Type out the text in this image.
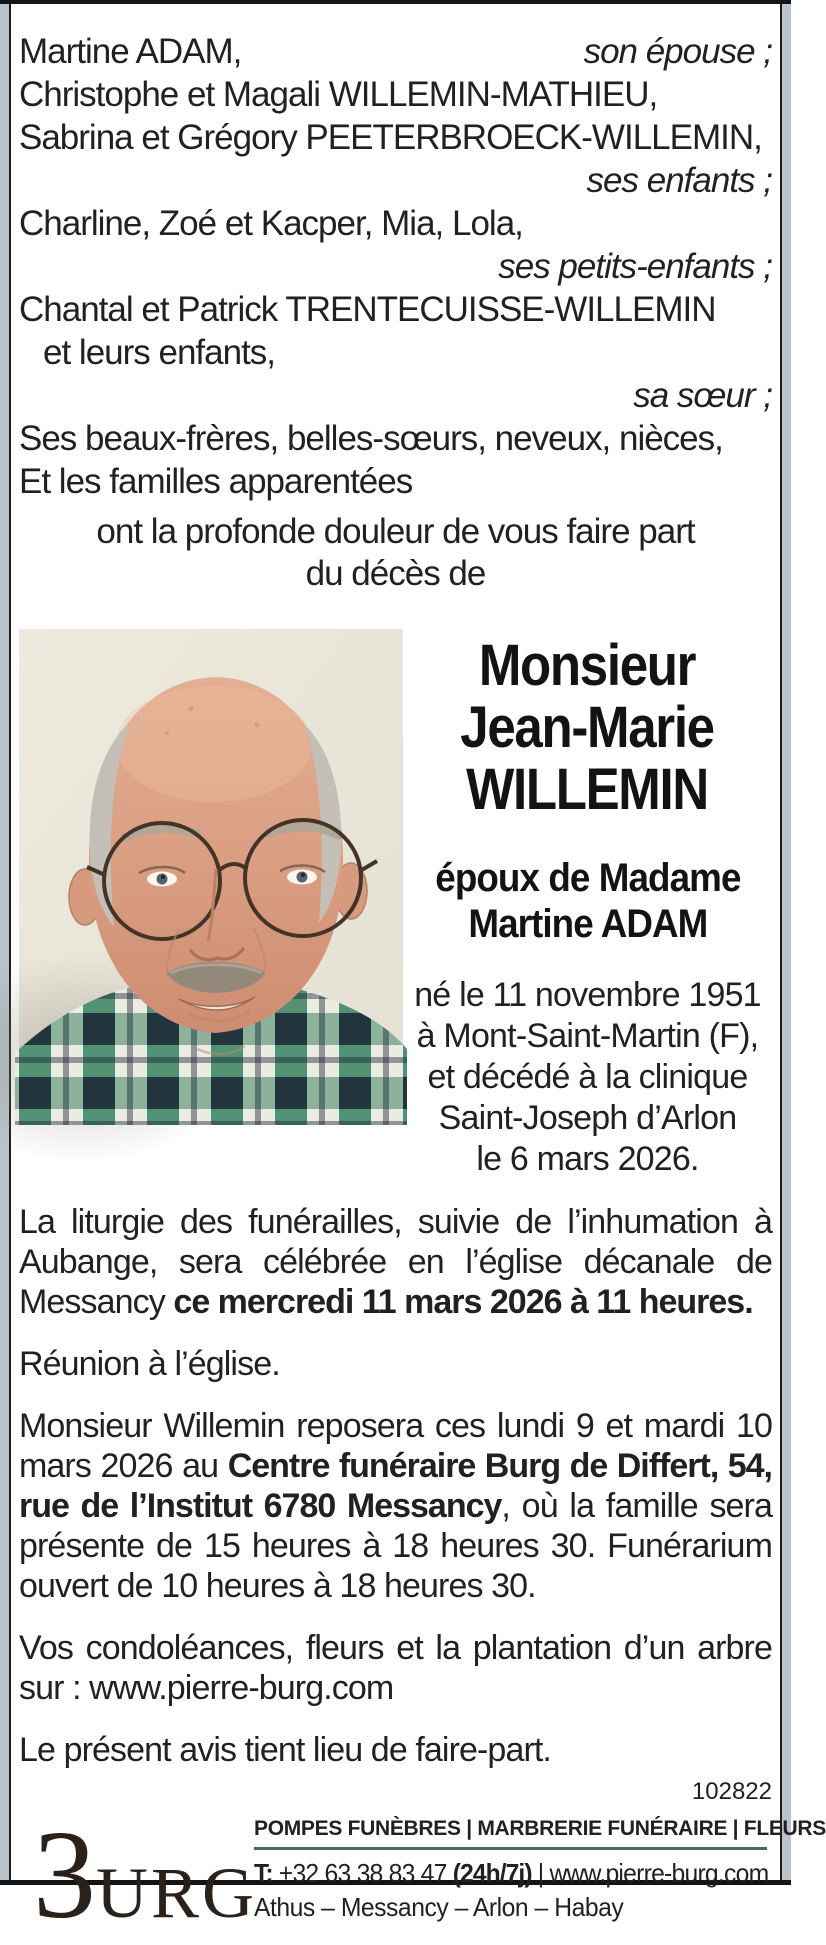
Martine ADAM,	son épouse ;
Christophe et Magali WILLEMIN-MATHIEU,
Sabrina et Grégory PEETERBROECK-WILLEMIN,
ses enfants ;
Charline, Zoé et Kacper, Mia, Lola,
ses petits-enfants ;
Chantal et Patrick TRENTECUISSE-WILLEMIN
et leurs enfants,
sa sœur ;
Ses beaux-frères, belles-sœurs, neveux, nièces,
Et les familles apparentées
ont la profonde douleur de vous faire part
du décès de
Monsieur
Jean-Marie
WILLEMIN
époux de Madame
Martine ADAM
né le 11 novembre 1951
à Mont-Saint-Martin (F),
et décédé à la clinique
Saint-Joseph d’Arlon
le 6 mars 2026.

La liturgie des funérailles, suivie de l’inhumation à Aubange, sera célébrée en l’église décanale de Messancy ce mercredi 11 mars 2026 à 11 heures.

Réunion à l’église.

Monsieur Willemin reposera ces lundi 9 et mardi 10 mars 2026 au Centre funéraire Burg de Differt, 54, rue de l’Institut 6780 Messancy, où la famille sera présente de 15 heures à 18 heures 30. Funérarium ouvert de 10 heures à 18 heures 30.

Vos condoléances, fleurs et la plantation d’un arbre sur : www.pierre-burg.com

Le présent avis tient lieu de faire-part.

102822
3 URG
POMPES FUNÈBRES | MARBRERIE FUNÉRAIRE | FLEURS
T: +32 63 38 83 47 (24h/7j) | www.pierre-burg.com
Athus – Messancy – Arlon – Habay
